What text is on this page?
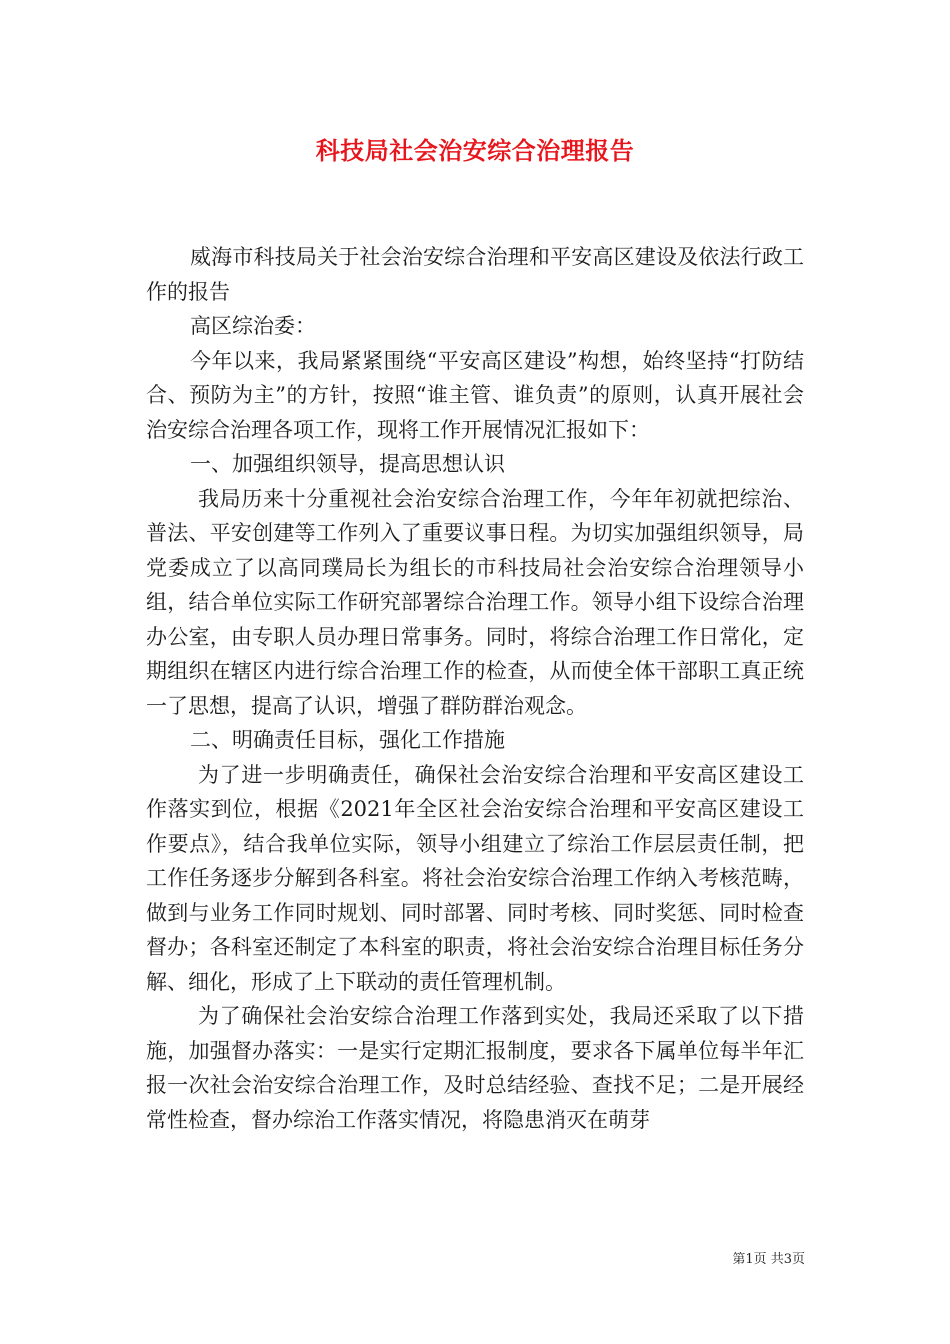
科技局社会治安综合治理报告

威海市科技局关于社会治安综合治理和平安高区建设及依法行政工作的报告

高区综治委：

今年以来，我局紧紧围绕“平安高区建设”构想，始终坚持“打防结合、预防为主”的方针，按照“谁主管、谁负责”的原则，认真开展社会治安综合治理各项工作，现将工作开展情况汇报如下：

一、加强组织领导，提高思想认识

我局历来十分重视社会治安综合治理工作，今年年初就把综治、普法、平安创建等工作列入了重要议事日程。为切实加强组织领导，局党委成立了以高同璞局长为组长的市科技局社会治安综合治理领导小组，结合单位实际工作研究部署综合治理工作。领导小组下设综合治理办公室，由专职人员办理日常事务。同时，将综合治理工作日常化，定期组织在辖区内进行综合治理工作的检查，从而使全体干部职工真正统一了思想，提高了认识，增强了群防群治观念。

二、明确责任目标，强化工作措施

为了进一步明确责任，确保社会治安综合治理和平安高区建设工作落实到位，根据《2021年全区社会治安综合治理和平安高区建设工作要点》，结合我单位实际，领导小组建立了综治工作层层责任制，把工作任务逐步分解到各科室。将社会治安综合治理工作纳入考核范畴，做到与业务工作同时规划、同时部署、同时考核、同时奖惩、同时检查督办；各科室还制定了本科室的职责，将社会治安综合治理目标任务分解、细化，形成了上下联动的责任管理机制。

为了确保社会治安综合治理工作落到实处，我局还采取了以下措施，加强督办落实：一是实行定期汇报制度，要求各下属单位每半年汇报一次社会治安综合治理工作，及时总结经验、查找不足；二是开展经常性检查，督办综治工作落实情况，将隐患消灭在萌芽

第1页 共3页
